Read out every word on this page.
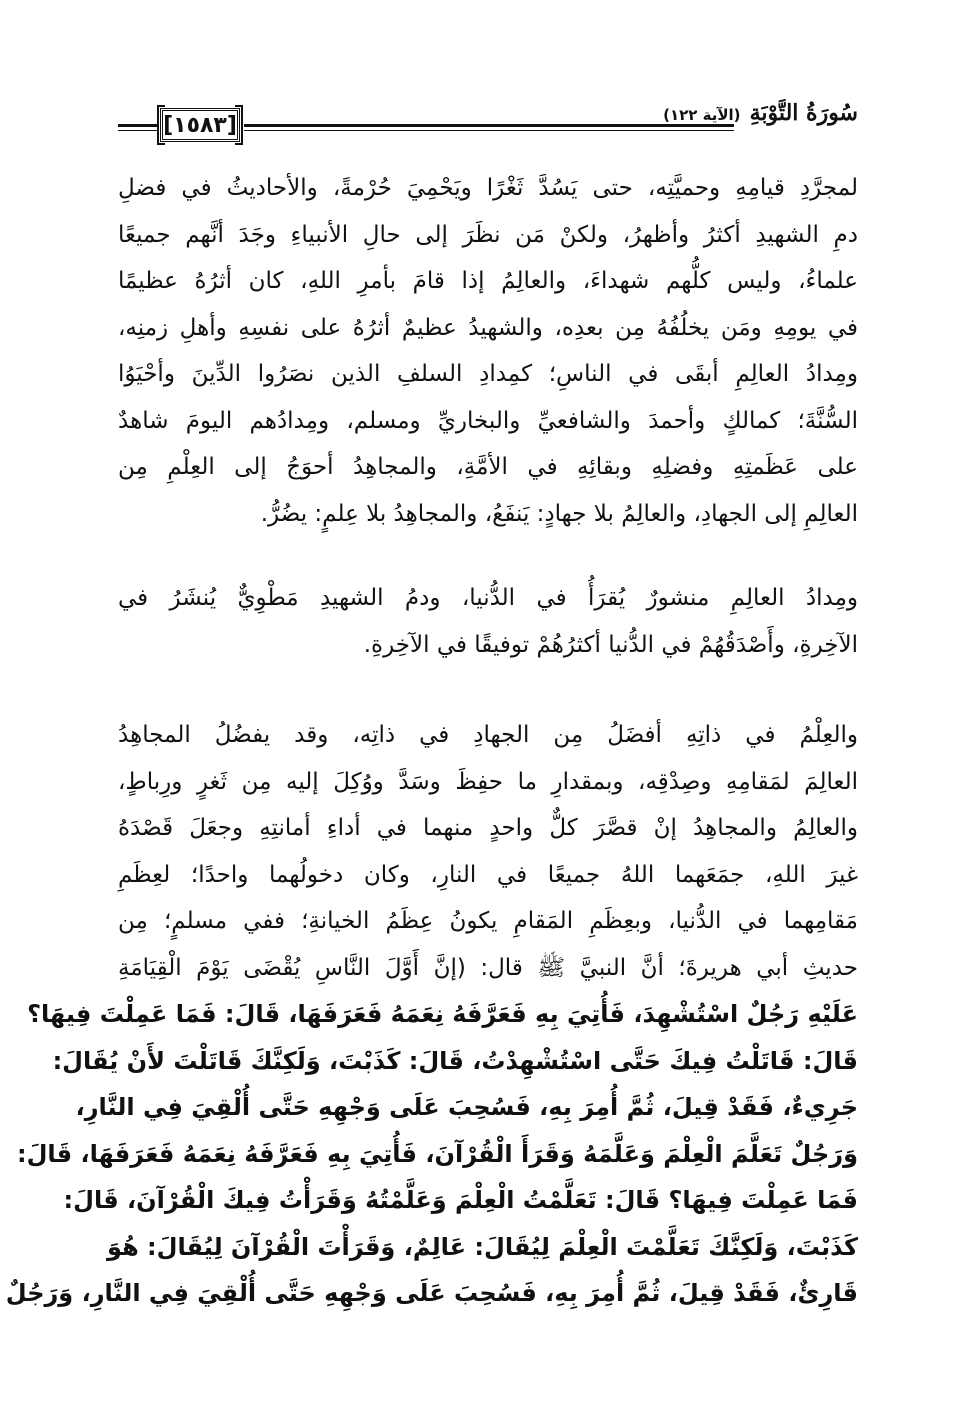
[١٥٨٣]	سُورَةُ التَّوْبَةِ (الآية ١٢٢)
لمجرَّدِ قيامِهِ وحميَّتِه، حتى يَسُدَّ ثَغْرًا ويَحْمِيَ حُرْمةً، والأحاديثُ في فضلِ
دمِ الشهيدِ أكثرُ وأظهرُ، ولكنْ مَن نظَرَ إلى حالِ الأنبياءِ وجَدَ أنَّهم جميعًا
علماءُ، وليس كلُّهم شهداءَ، والعالِمُ إذا قامَ بأمرِ اللهِ، كان أثرُهُ عظيمًا
في يومِهِ ومَن يخلُفُهُ مِن بعدِه، والشهيدُ عظيمٌ أثرُهُ على نفسِهِ وأهلِ زمنِه،
ومِدادُ العالِمِ أبقَى في الناسِ؛ كمِدادِ السلفِ الذين نصَرُوا الدِّينَ وأحْيَوُا
السُّنَّةَ؛ كمالكٍ وأحمدَ والشافعيِّ والبخاريِّ ومسلم، ومِدادُهم اليومَ شاهدٌ
على عَظَمتِهِ وفضلِهِ وبقائِهِ في الأمَّةِ، والمجاهِدُ أحوَجُ إلى العِلْمِ مِن
العالِمِ إلى الجهادِ، والعالِمُ بلا جهادٍ: يَنفَعُ، والمجاهِدُ بلا عِلمٍ: يضُرُّ.
ومِدادُ العالِمِ منشورٌ يُقرَأُ في الدُّنيا، ودمُ الشهيدِ مَطْوِيٌّ يُنشَرُ في
الآخِرةِ، وأَصْدَقُهُمْ في الدُّنيا أكثرُهُمْ توفيقًا في الآخِرةِ.
والعِلْمُ في ذاتِهِ أفضَلُ مِن الجهادِ في ذاتِه، وقد يفضُلُ المجاهِدُ
العالِمَ لمَقامِهِ وصِدْقِه، وبمقدارِ ما حفِظَ وسَدَّ ووُكِلَ إليه مِن ثَغرٍ ورِباطٍ،
والعالِمُ والمجاهِدُ إنْ قصَّرَ كلٌّ واحدٍ منهما في أداءِ أمانتِهِ وجعَلَ قَصْدَهُ
غيرَ اللهِ، جمَعَهما اللهُ جميعًا في النارِ، وكان دخولُهما واحدًا؛ لعِظَمِ
مَقامِهما في الدُّنيا، وبعِظَمِ المَقامِ يكونُ عِظَمُ الخيانةِ؛ ففي مسلمٍ؛ مِن
حديثِ أبي هريرةَ؛ أنَّ النبيَّ ﷺ قال: (إنَّ أَوَّلَ النَّاسِ يُقْضَى يَوْمَ الْقِيَامَةِ
عَلَيْهِ رَجُلٌ اسْتُشْهِدَ، فَأُتِيَ بِهِ فَعَرَّفَهُ نِعَمَهُ فَعَرَفَهَا، قَالَ: فَمَا عَمِلْتَ فِيهَا؟
قَالَ: قَاتَلْتُ فِيكَ حَتَّى اسْتُشْهِدْتُ، قَالَ: كَذَبْتَ، وَلَكِنَّكَ قَاتَلْتَ لأَنْ يُقَالَ:
جَرِيءٌ، فَقَدْ قِيلَ، ثُمَّ أُمِرَ بِهِ، فَسُحِبَ عَلَى وَجْهِهِ حَتَّى أُلْقِيَ فِي النَّارِ،
وَرَجُلٌ تَعَلَّمَ الْعِلْمَ وَعَلَّمَهُ وَقَرَأَ الْقُرْآنَ، فَأُتِيَ بِهِ فَعَرَّفَهُ نِعَمَهُ فَعَرَفَهَا، قَالَ:
فَمَا عَمِلْتَ فِيهَا؟ قَالَ: تَعَلَّمْتُ الْعِلْمَ وَعَلَّمْتُهُ وَقَرَأْتُ فِيكَ الْقُرْآنَ، قَالَ:
كَذَبْتَ، وَلَكِنَّكَ تَعَلَّمْتَ الْعِلْمَ لِيُقَالَ: عَالِمٌ، وَقَرَأْتَ الْقُرْآنَ لِيُقَالَ: هُوَ
قَارِئٌ، فَقَدْ قِيلَ، ثُمَّ أُمِرَ بِهِ، فَسُحِبَ عَلَى وَجْهِهِ حَتَّى أُلْقِيَ فِي النَّارِ، وَرَجُلٌ
